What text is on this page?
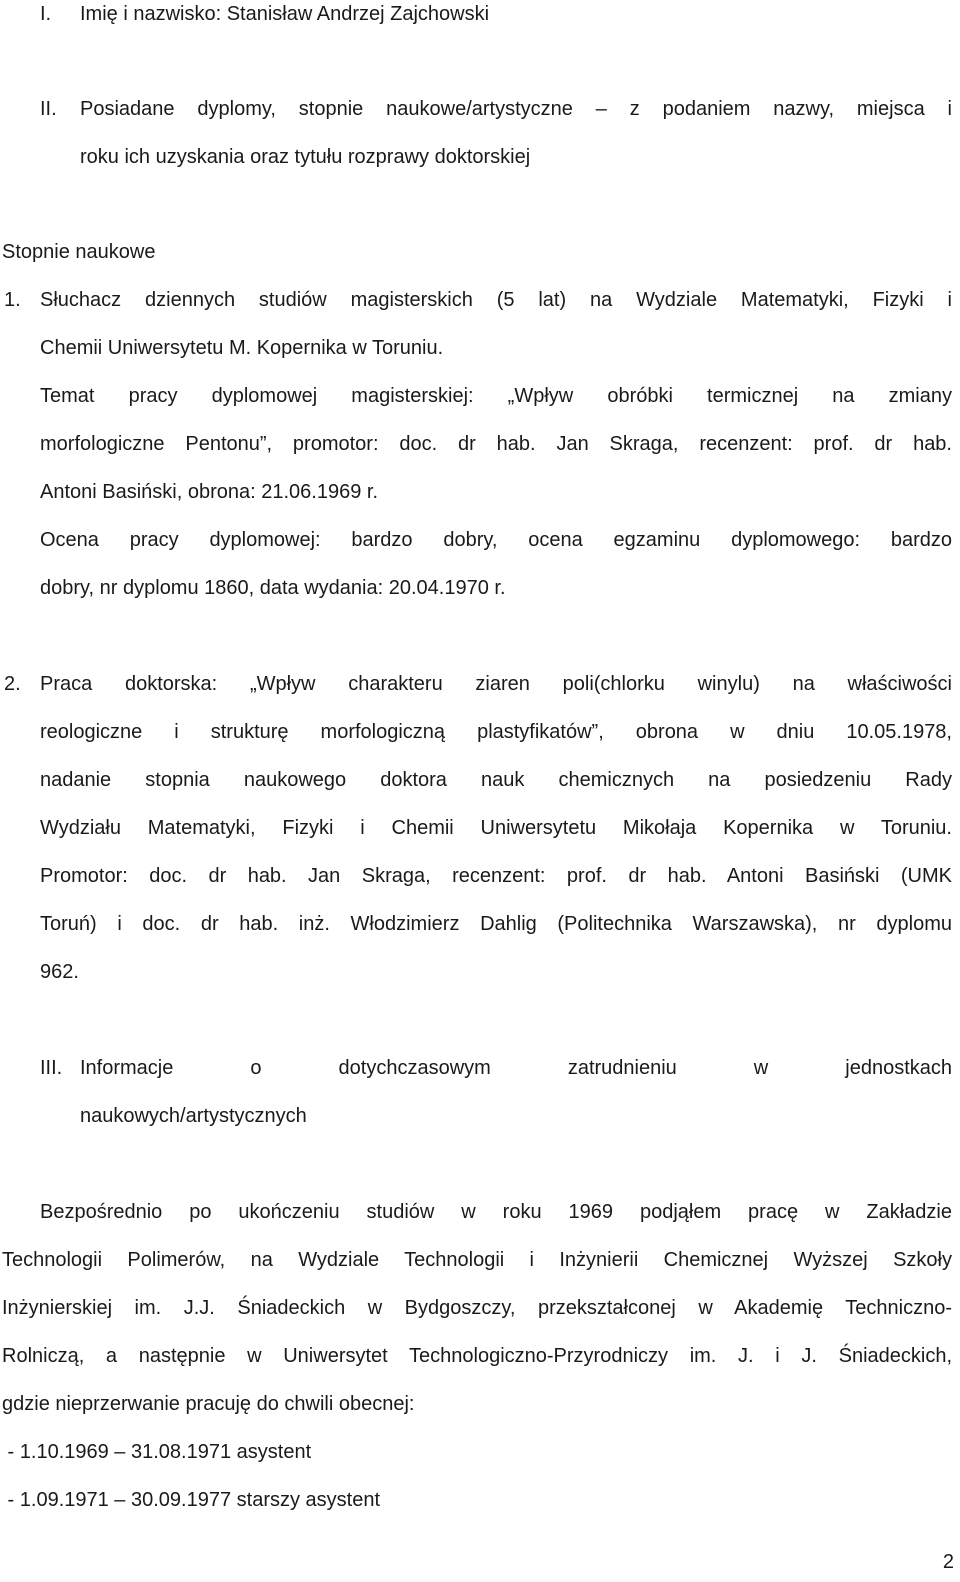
I. Imię i nazwisko: Stanisław Andrzej Zajchowski
II. Posiadane dyplomy, stopnie naukowe/artystyczne – z podaniem nazwy, miejsca i
roku ich uzyskania oraz tytułu rozprawy doktorskiej
Stopnie naukowe
1. Słuchacz dziennych studiów magisterskich (5 lat) na Wydziale Matematyki, Fizyki i
Chemii Uniwersytetu M. Kopernika w Toruniu.
Temat pracy dyplomowej magisterskiej: „Wpływ obróbki termicznej na zmiany
morfologiczne Pentonu”, promotor: doc. dr hab. Jan Skraga, recenzent: prof. dr hab.
Antoni Basiński, obrona: 21.06.1969 r.
Ocena pracy dyplomowej: bardzo dobry, ocena egzaminu dyplomowego: bardzo
dobry, nr dyplomu 1860, data wydania: 20.04.1970 r.
2. Praca doktorska: „Wpływ charakteru ziaren poli(chlorku winylu) na właściwości
reologiczne i strukturę morfologiczną plastyfikatów”, obrona w dniu 10.05.1978,
nadanie stopnia naukowego doktora nauk chemicznych na posiedzeniu Rady
Wydziału Matematyki, Fizyki i Chemii Uniwersytetu Mikołaja Kopernika w Toruniu.
Promotor: doc. dr hab. Jan Skraga, recenzent: prof. dr hab. Antoni Basiński (UMK
Toruń) i doc. dr hab. inż. Włodzimierz Dahlig (Politechnika Warszawska), nr dyplomu
962.
III. Informacje o dotychczasowym zatrudnieniu w jednostkach
naukowych/artystycznych
Bezpośrednio po ukończeniu studiów w roku 1969 podjąłem pracę w Zakładzie
Technologii Polimerów, na Wydziale Technologii i Inżynierii Chemicznej Wyższej Szkoły
Inżynierskiej im. J.J. Śniadeckich w Bydgoszczy, przekształconej w Akademię Techniczno-
Rolniczą, a następnie w Uniwersytet Technologiczno-Przyrodniczy im. J. i J. Śniadeckich,
gdzie nieprzerwanie pracuję do chwili obecnej:
- 1.10.1969 – 31.08.1971 asystent
- 1.09.1971 – 30.09.1977 starszy asystent
2
